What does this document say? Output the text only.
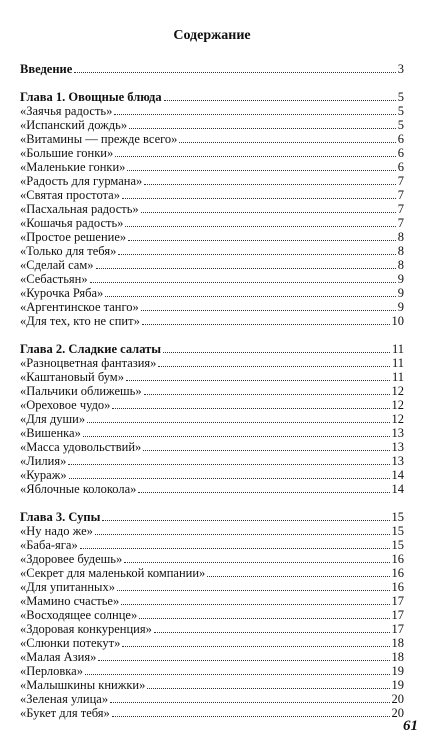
Содержание
Введение	3
Глава 1. Овощные блюда	5
«Заячья радость»	5
«Испанский дождь»	5
«Витамины — прежде всего»	6
«Большие гонки»	6
«Маленькие гонки»	6
«Радость для гурмана»	7
«Святая простота»	7
«Пасхальная радость»	7
«Кошачья радость»	7
«Простое решение»	8
«Только для тебя»	8
«Сделай сам»	8
«Себастьян»	9
«Курочка Ряба»	9
«Аргентинское танго»	9
«Для тех, кто не спит»	10
Глава 2. Сладкие салаты	11
«Разноцветная фантазия»	11
«Каштановый бум»	11
«Пальчики оближешь»	12
«Ореховое чудо»	12
«Для души»	12
«Вишенка»	13
«Масса удовольствий»	13
«Лилия»	13
«Кураж»	14
«Яблочные колокола»	14
Глава 3. Супы	15
«Ну надо же»	15
«Баба-яга»	15
«Здоровее будешь»	16
«Секрет для маленькой компании»	16
«Для упитанных»	16
«Мамино счастье»	17
«Восходящее солнце»	17
«Здоровая конкуренция»	17
«Слюнки потекут»	18
«Малая Азия»	18
«Перловка»	19
«Малышкины книжки»	19
«Зеленая улица»	20
«Букет для тебя»	20
61
